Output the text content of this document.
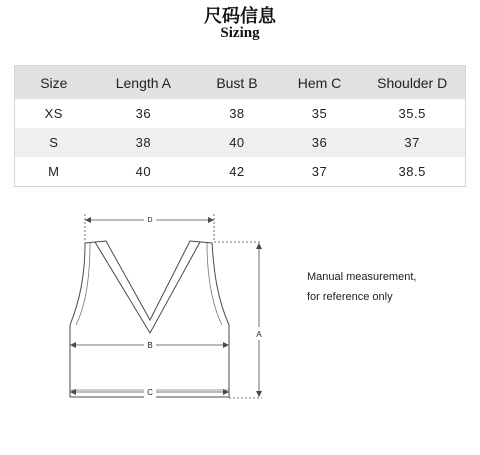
尺码信息
Sizing
Size	Length A	Bust B	Hem C	Shoulder D
XS	36	38	35	35.5
S	38	40	36	37
M	40	42	37	38.5
D
B
C
A
Manual measurement,
for reference only
